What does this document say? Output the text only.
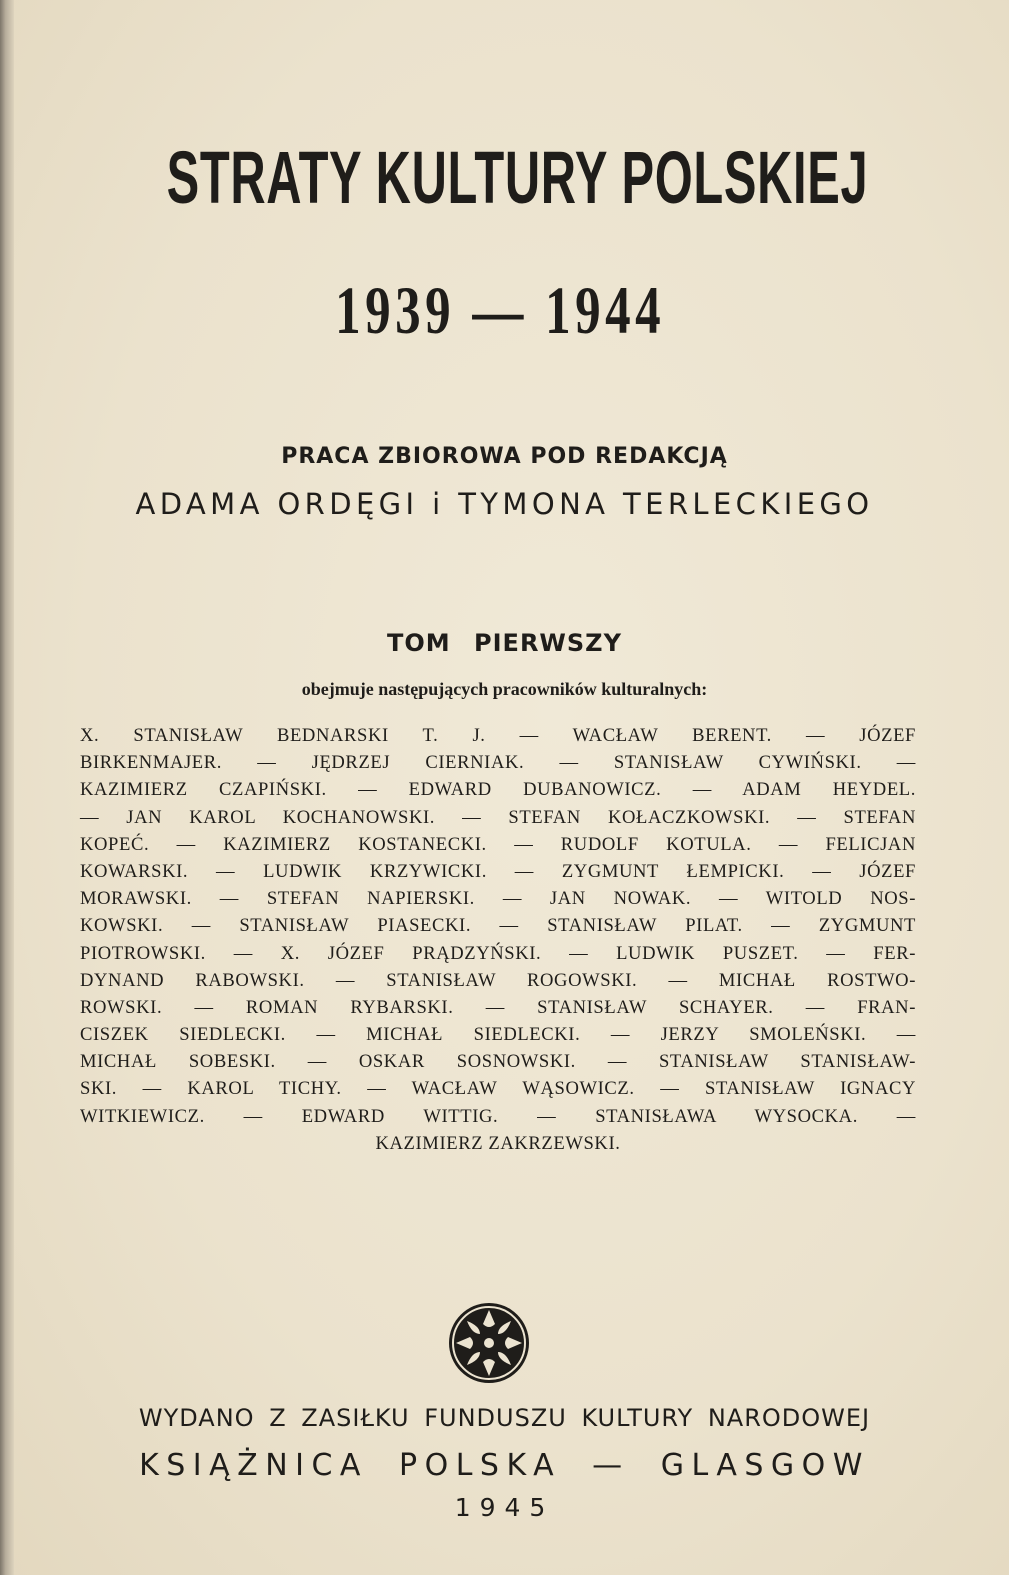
STRATY KULTURY POLSKIEJ
1939 — 1944
PRACA ZBIOROWA POD REDAKCJĄ
ADAMA ORDĘGI i TYMONA TERLECKIEGO
TOM PIERWSZY
obejmuje następujących pracowników kulturalnych:
X. STANISŁAW BEDNARSKI T. J. — WACŁAW BERENT. — JÓZEF
BIRKENMAJER. — JĘDRZEJ CIERNIAK. — STANISŁAW CYWIŃSKI. —
KAZIMIERZ CZAPIŃSKI. — EDWARD DUBANOWICZ. — ADAM HEYDEL.
— JAN KAROL KOCHANOWSKI. — STEFAN KOŁACZKOWSKI. — STEFAN
KOPEĆ. — KAZIMIERZ KOSTANECKI. — RUDOLF KOTULA. — FELICJAN
KOWARSKI. — LUDWIK KRZYWICKI. — ZYGMUNT ŁEMPICKI. — JÓZEF
MORAWSKI. — STEFAN NAPIERSKI. — JAN NOWAK. — WITOLD NOS-
KOWSKI. — STANISŁAW PIASECKI. — STANISŁAW PILAT. — ZYGMUNT
PIOTROWSKI. — X. JÓZEF PRĄDZYŃSKI. — LUDWIK PUSZET. — FER-
DYNAND RABOWSKI. — STANISŁAW ROGOWSKI. — MICHAŁ ROSTWO-
ROWSKI. — ROMAN RYBARSKI. — STANISŁAW SCHAYER. — FRAN-
CISZEK SIEDLECKI. — MICHAŁ SIEDLECKI. — JERZY SMOLEŃSKI. —
MICHAŁ SOBESKI. — OSKAR SOSNOWSKI. — STANISŁAW STANISŁAW-
SKI. — KAROL TICHY. — WACŁAW WĄSOWICZ. — STANISŁAW IGNACY
WITKIEWICZ. — EDWARD WITTIG. — STANISŁAWA WYSOCKA. —
KAZIMIERZ ZAKRZEWSKI.
WYDANO Z ZASIŁKU FUNDUSZU KULTURY NARODOWEJ
KSIĄŻNICA POLSKA — GLASGOW
1945
